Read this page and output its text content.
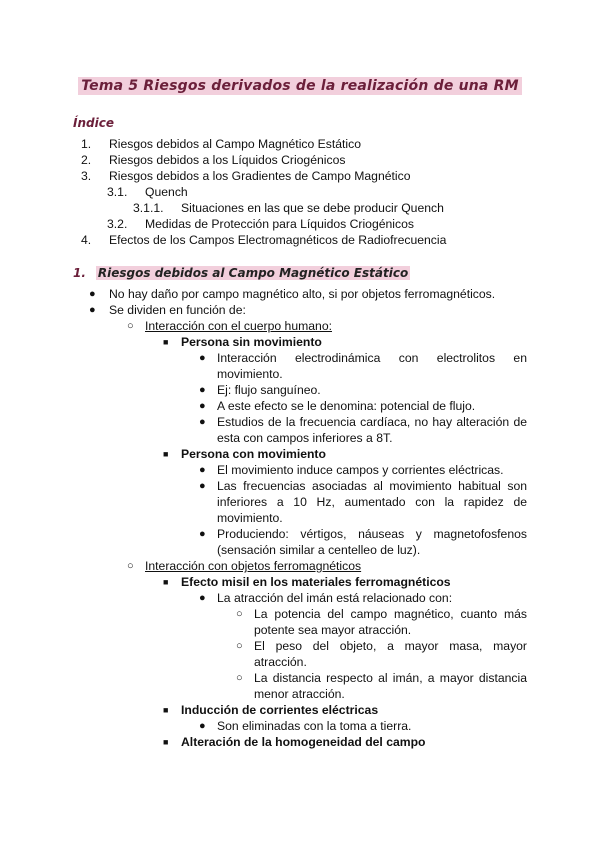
Tema 5 Riesgos derivados de la realización de una RM
Índice
1. Riesgos debidos al Campo Magnético Estático
2. Riesgos debidos a los Líquidos Criogénicos
3. Riesgos debidos a los Gradientes de Campo Magnético
3.1. Quench
3.1.1. Situaciones en las que se debe producir Quench
3.2. Medidas de Protección para Líquidos Criogénicos
4. Efectos de los Campos Electromagnéticos de Radiofrecuencia
1. Riesgos debidos al Campo Magnético Estático
● No hay daño por campo magnético alto, si por objetos ferromagnéticos.
● Se dividen en función de:
○ Interacción con el cuerpo humano:
■ Persona sin movimiento
● Interacción electrodinámica con electrolitos en movimiento.
● Ej: flujo sanguíneo.
● A este efecto se le denomina: potencial de flujo.
● Estudios de la frecuencia cardíaca, no hay alteración de esta con campos inferiores a 8T.
■ Persona con movimiento
● El movimiento induce campos y corrientes eléctricas.
● Las frecuencias asociadas al movimiento habitual son inferiores a 10 Hz, aumentado con la rapidez de movimiento.
● Produciendo: vértigos, náuseas y magnetofosfenos (sensación similar a centelleo de luz).
○ Interacción con objetos ferromagnéticos
■ Efecto misil en los materiales ferromagnéticos
● La atracción del imán está relacionado con:
○ La potencia del campo magnético, cuanto más potente sea mayor atracción.
○ El peso del objeto, a mayor masa, mayor atracción.
○ La distancia respecto al imán, a mayor distancia menor atracción.
■ Inducción de corrientes eléctricas
● Son eliminadas con la toma a tierra.
■ Alteración de la homogeneidad del campo
